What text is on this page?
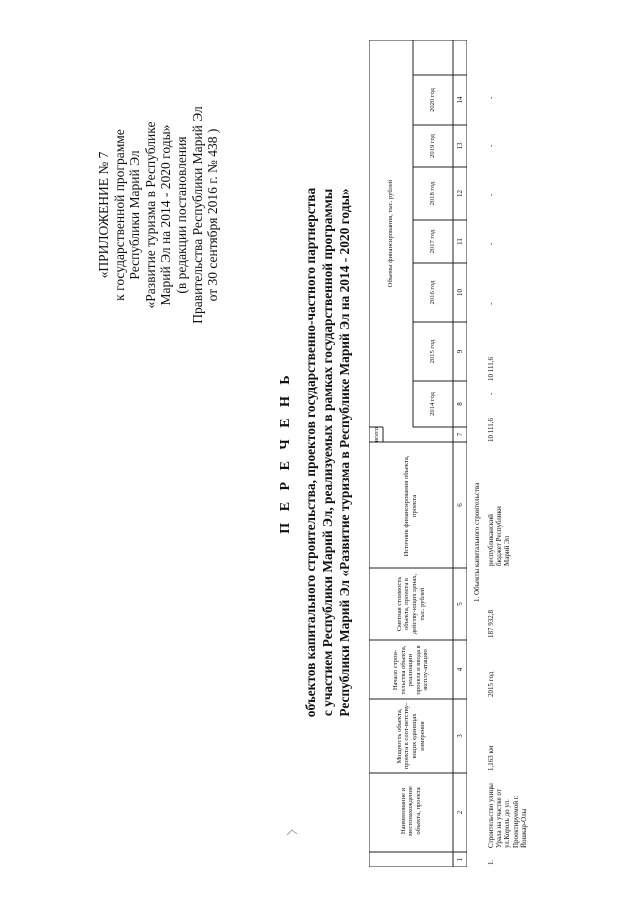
«ПРИЛОЖЕНИЕ № 7 к государственной программе Республики Марий Эл «Развитие туризма в Республике Марий Эл на 2014 - 2020 годы» (в редакции постановления Правительства Республики Марий Эл от 30 сентября 2016 г. № 438 )
П Е Р Е Ч Е Н Ь объектов капитального строительства, проектов государственно-частного партнерства с участием Республики Марий Эл, реализуемых в рамках государственной программы Республики Марий Эл «Развитие туризма в Республике Марий Эл на 2014 - 2020 годы»
Наименование и местонахождение объекта, проекта
Мощность объекта, проекта в соот-ветству-ющих единицах измерения
Начало строи-тельства объекта, реализации проекта и ввода в эксплу-атацию
Сметная стоимость объекта, проекта в действу-ющих ценах, тыс. рублей
Источник финансирования объекта, проекта
всего
Объемы финансирования, тыс. рублей
2014 год
2015 год
2016 год
2017 год
2018 год
2019 год
2020 год
1
2
3
4
5
6
7
8
9
10
11
12
13
14
1. Объекты капитального строительства
1.
Строительство улицы Урала на участке от ул.Король до ул. Проектируемой г. Йошкар-Олы
1,163 км
2015 год
187 932,8
республиканский бюджет Республики Марий Эл
10 111,6
-
10 111,6
-
-
-
-
-
